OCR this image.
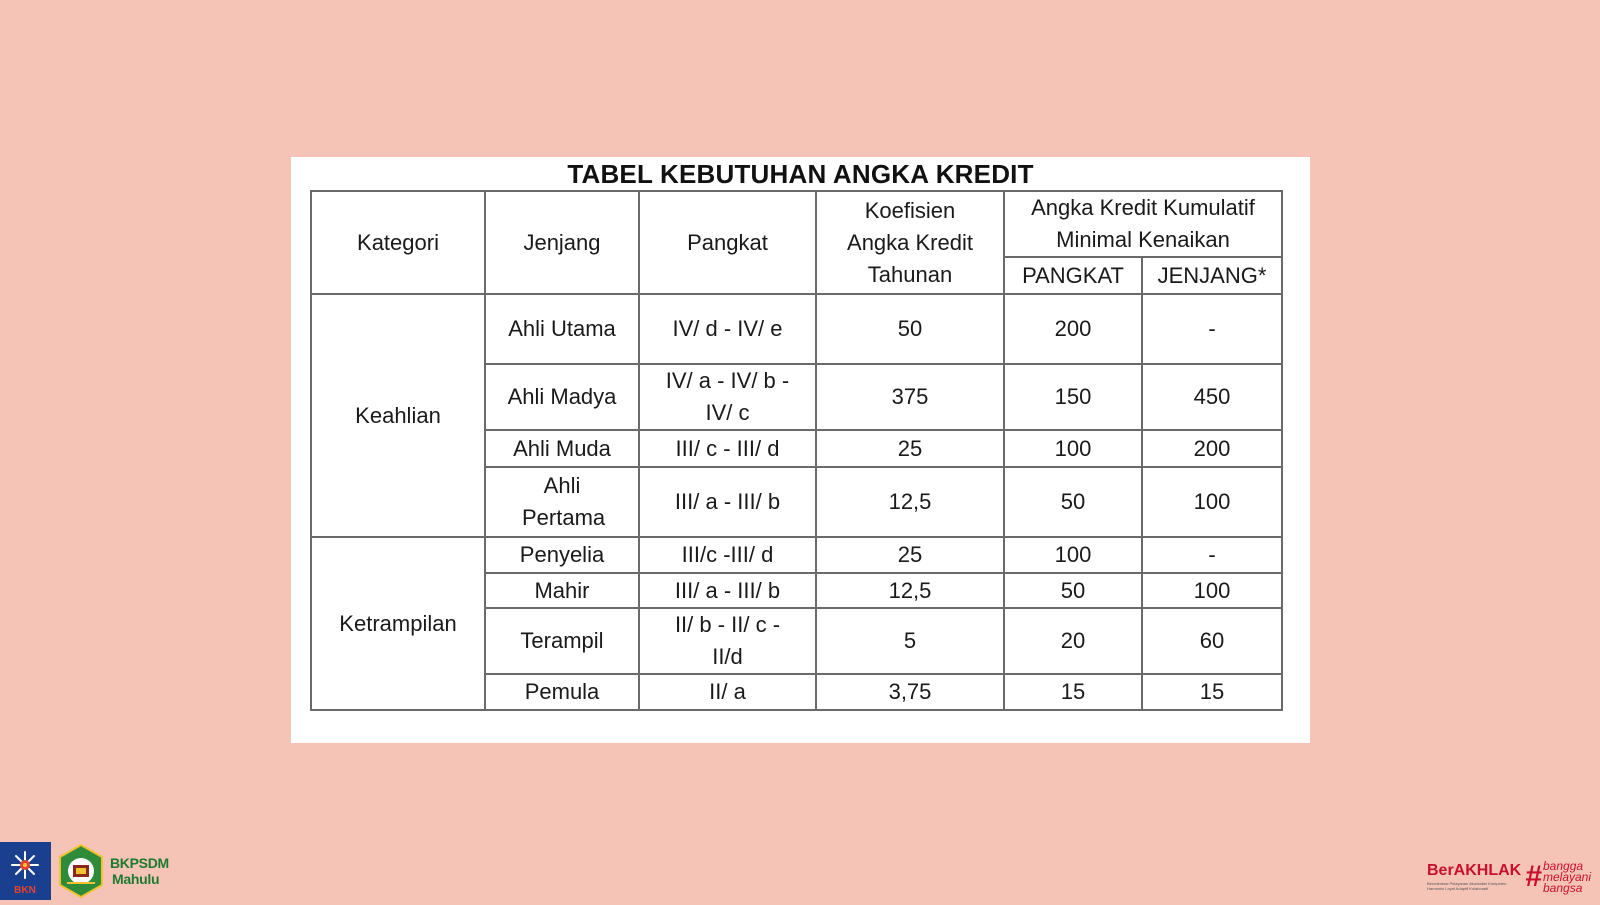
TABEL KEBUTUHAN ANGKA KREDIT
Kategori	Jenjang	Pangkat	Koefisien Angka Kredit Tahunan	Angka Kredit Kumulatif Minimal Kenaikan	
				PANGKAT	JENJANG*
Keahlian	Ahli Utama	IV/ d - IV/ e	50	200	-
	Ahli Madya	IV/ a - IV/ b - IV/ c	375	150	450
	Ahli Muda	III/ c - III/ d	25	100	200
	Ahli Pertama	III/ a - III/ b	12,5	50	100
Ketrampilan	Penyelia	III/c -III/ d	25	100	-
	Mahir	III/ a - III/ b	12,5	50	100
	Terampil	II/ b - II/ c - II/d	5	20	60
	Pemula	II/ a	3,75	15	15
BKN
BKPSDM
Mahulu	BerAKHLAK
Berorientasi Pelayanan Akuntabel Kompeten Harmonis Loyal Adaptif Kolaboratif	# bangga
melayani
bangsa
